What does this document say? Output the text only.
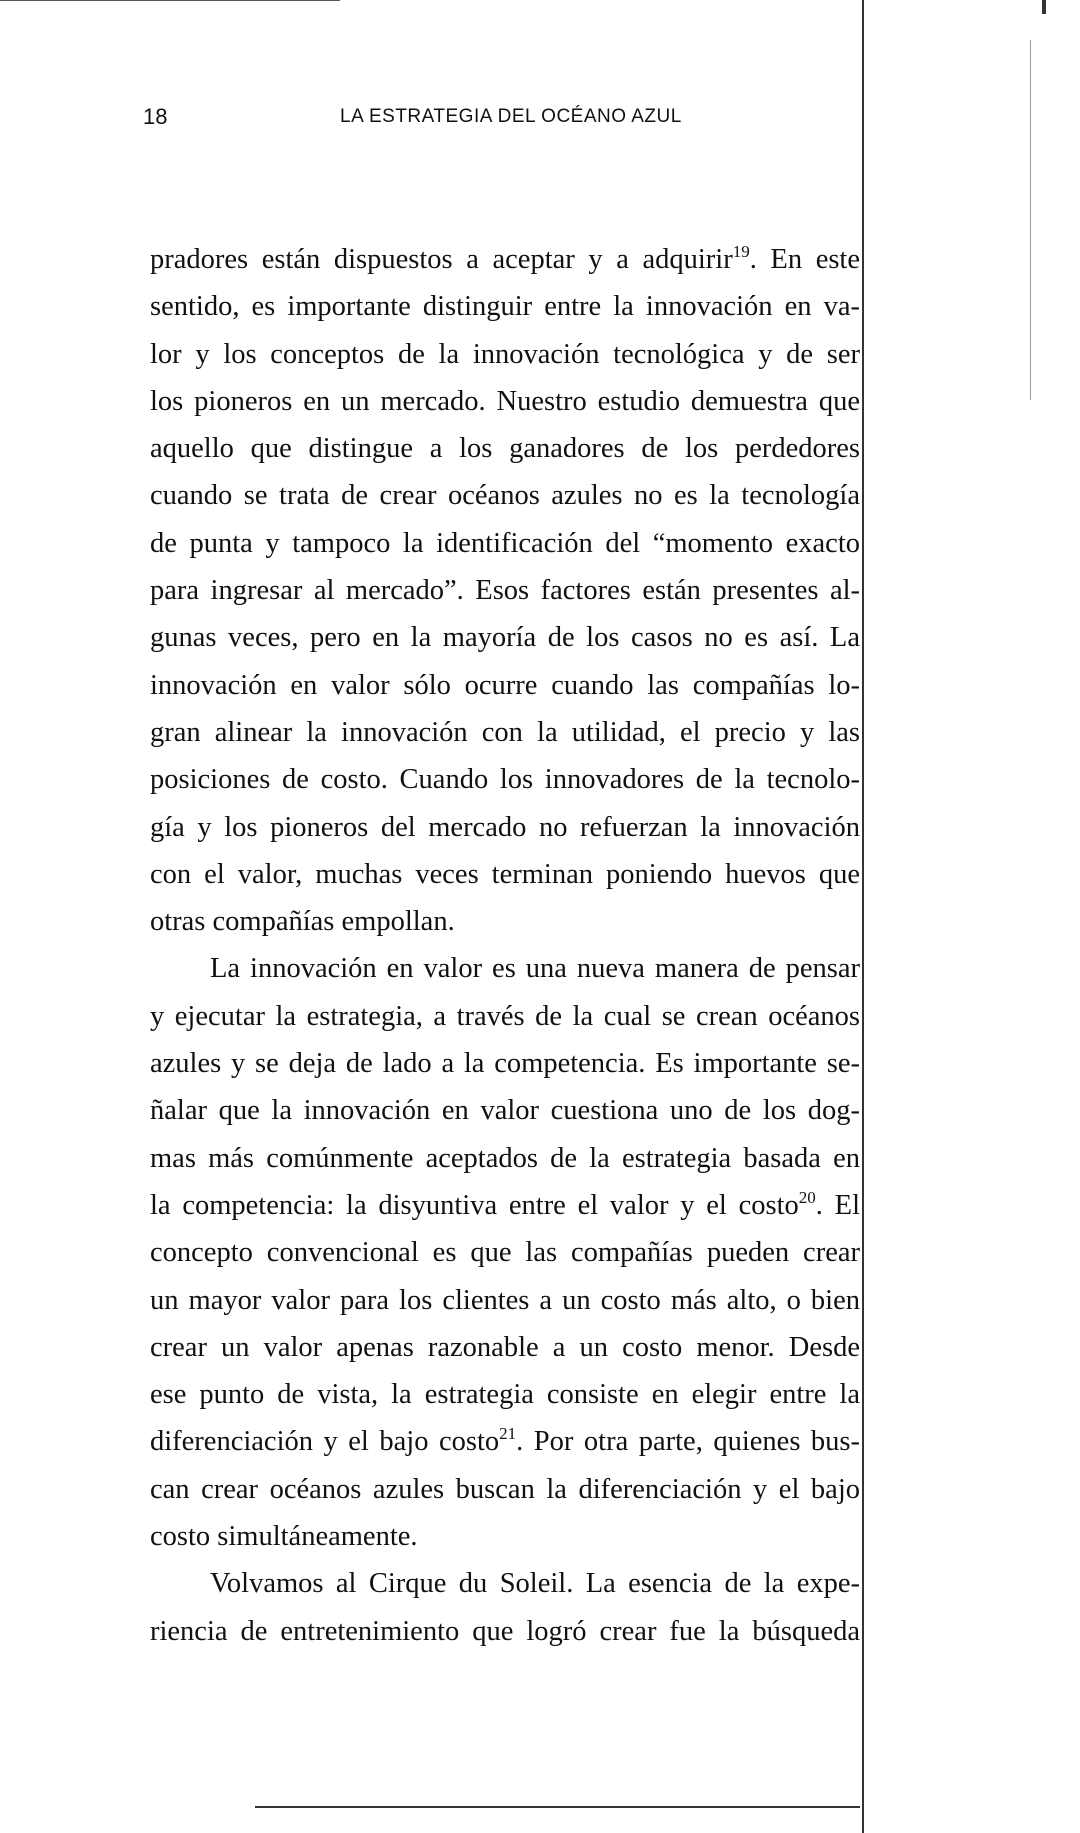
18	LA ESTRATEGIA DEL OCÉANO AZUL
pradores están dispuestos a aceptar y a adquirir$^{19}$. En este
sentido, es importante distinguir entre la innovación en va-
lor y los conceptos de la innovación tecnológica y de ser
los pioneros en un mercado. Nuestro estudio demuestra que
aquello que distingue a los ganadores de los perdedores
cuando se trata de crear océanos azules no es la tecnología
de punta y tampoco la identificación del “momento exacto
para ingresar al mercado”. Esos factores están presentes al-
gunas veces, pero en la mayoría de los casos no es así. La
innovación en valor sólo ocurre cuando las compañías lo-
gran alinear la innovación con la utilidad, el precio y las
posiciones de costo. Cuando los innovadores de la tecnolo-
gía y los pioneros del mercado no refuerzan la innovación
con el valor, muchas veces terminan poniendo huevos que
otras compañías empollan.
La innovación en valor es una nueva manera de pensar
y ejecutar la estrategia, a través de la cual se crean océanos
azules y se deja de lado a la competencia. Es importante se-
ñalar que la innovación en valor cuestiona uno de los dog-
mas más comúnmente aceptados de la estrategia basada en
la competencia: la disyuntiva entre el valor y el costo$^{20}$. El
concepto convencional es que las compañías pueden crear
un mayor valor para los clientes a un costo más alto, o bien
crear un valor apenas razonable a un costo menor. Desde
ese punto de vista, la estrategia consiste en elegir entre la
diferenciación y el bajo costo$^{21}$. Por otra parte, quienes bus-
can crear océanos azules buscan la diferenciación y el bajo
costo simultáneamente.
Volvamos al Cirque du Soleil. La esencia de la expe-
riencia de entretenimiento que logró crear fue la búsqueda
